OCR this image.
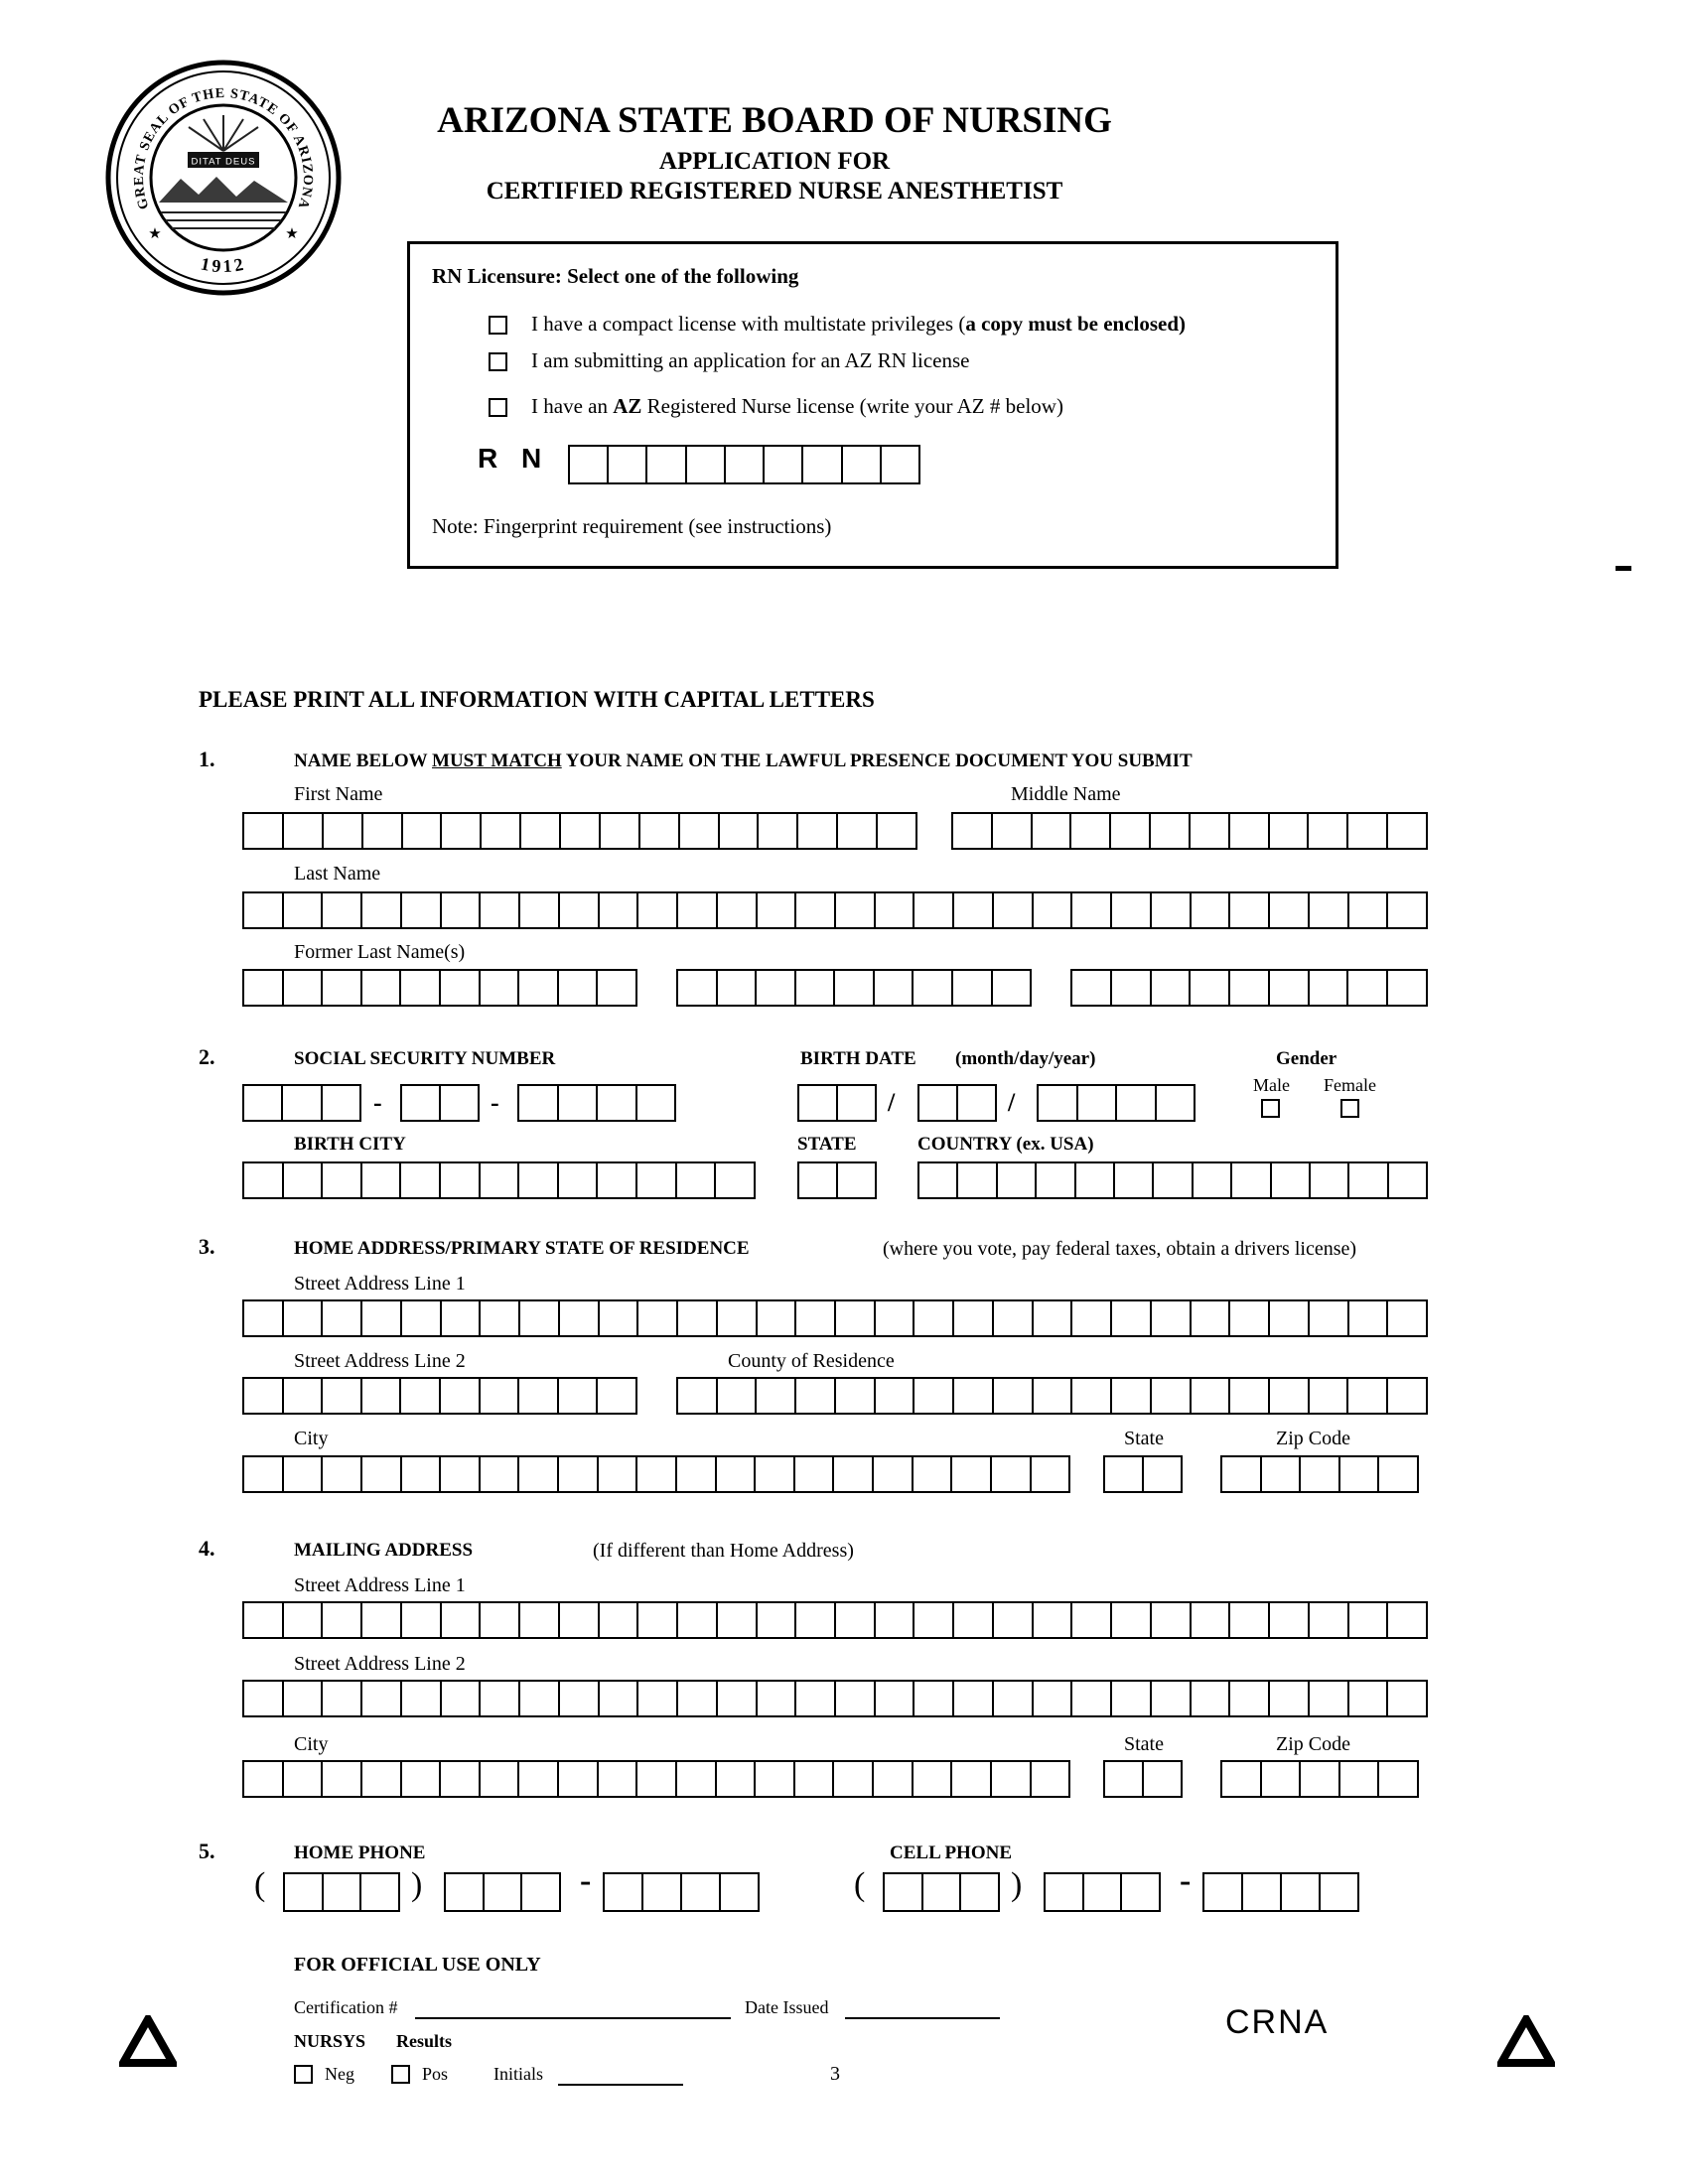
GREAT SEAL OF THE STATE OF ARIZONA
1912
★	★
DITAT DEUS
ARIZONA STATE BOARD OF NURSING
APPLICATION FOR
CERTIFIED REGISTERED NURSE ANESTHETIST
RN Licensure: Select one of the following
I have a compact license with multistate privileges (a copy must be enclosed)
I am submitting an application for an AZ RN license
I have an AZ Registered Nurse license (write your AZ # below)
R N
Note: Fingerprint requirement (see instructions)
PLEASE PRINT ALL INFORMATION WITH CAPITAL LETTERS
1.	NAME BELOW MUST MATCH YOUR NAME ON THE LAWFUL PRESENCE DOCUMENT YOU SUBMIT
First Name	Middle Name
Last Name
Former Last Name(s)
2.	SOCIAL SECURITY NUMBER	BIRTH DATE (month/day/year)	Gender
Male Female
-	-	/	/
BIRTH CITY	STATE	COUNTRY (ex. USA)
3.	HOME ADDRESS/PRIMARY STATE OF RESIDENCE	(where you vote, pay federal taxes, obtain a drivers license)
Street Address Line 1
Street Address Line 2	County of Residence
City	State	Zip Code
4.	MAILING ADDRESS	(If different than Home Address)
Street Address Line 1
Street Address Line 2
City	State	Zip Code
5.	HOME PHONE	CELL PHONE
(	)	-	(	)	-
FOR OFFICIAL USE ONLY
Certification #	Date Issued
NURSYS Results
Neg	Pos	Initials	3
CRNA
